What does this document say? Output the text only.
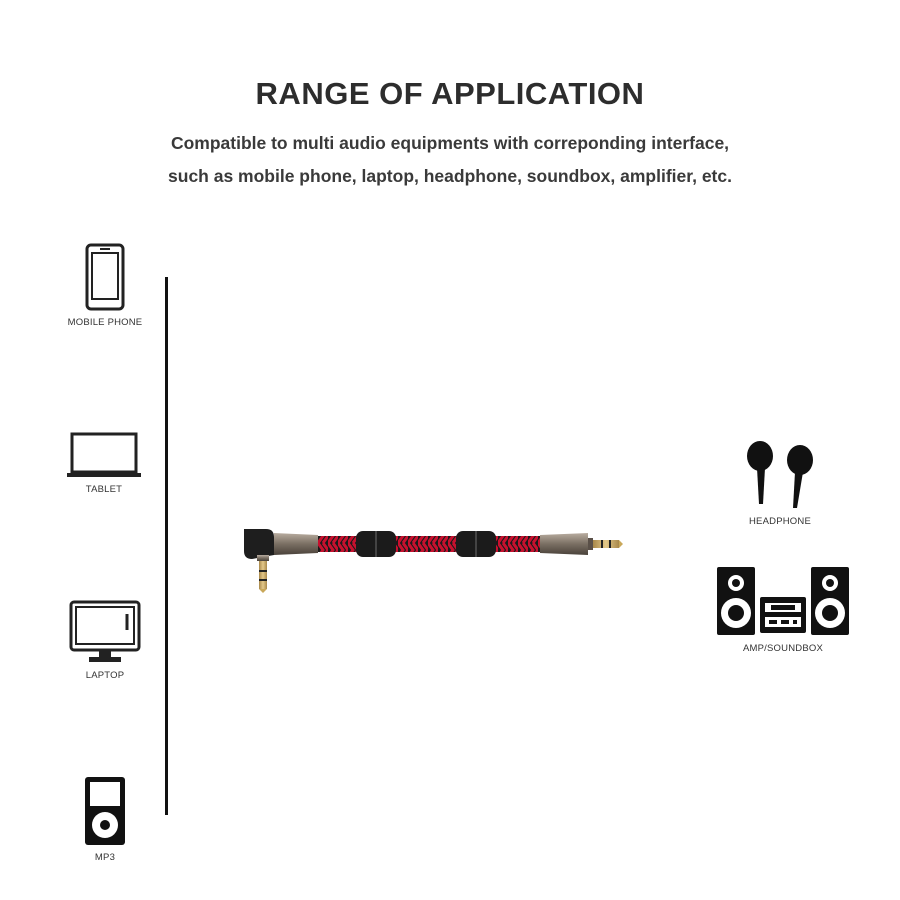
RANGE OF APPLICATION
Compatible to multi audio equipments with correponding interface,
such as mobile phone, laptop, headphone, soundbox, amplifier, etc.
MOBILE PHONE
TABLET
LAPTOP
MP3
HEADPHONE
AMP/SOUNDBOX
